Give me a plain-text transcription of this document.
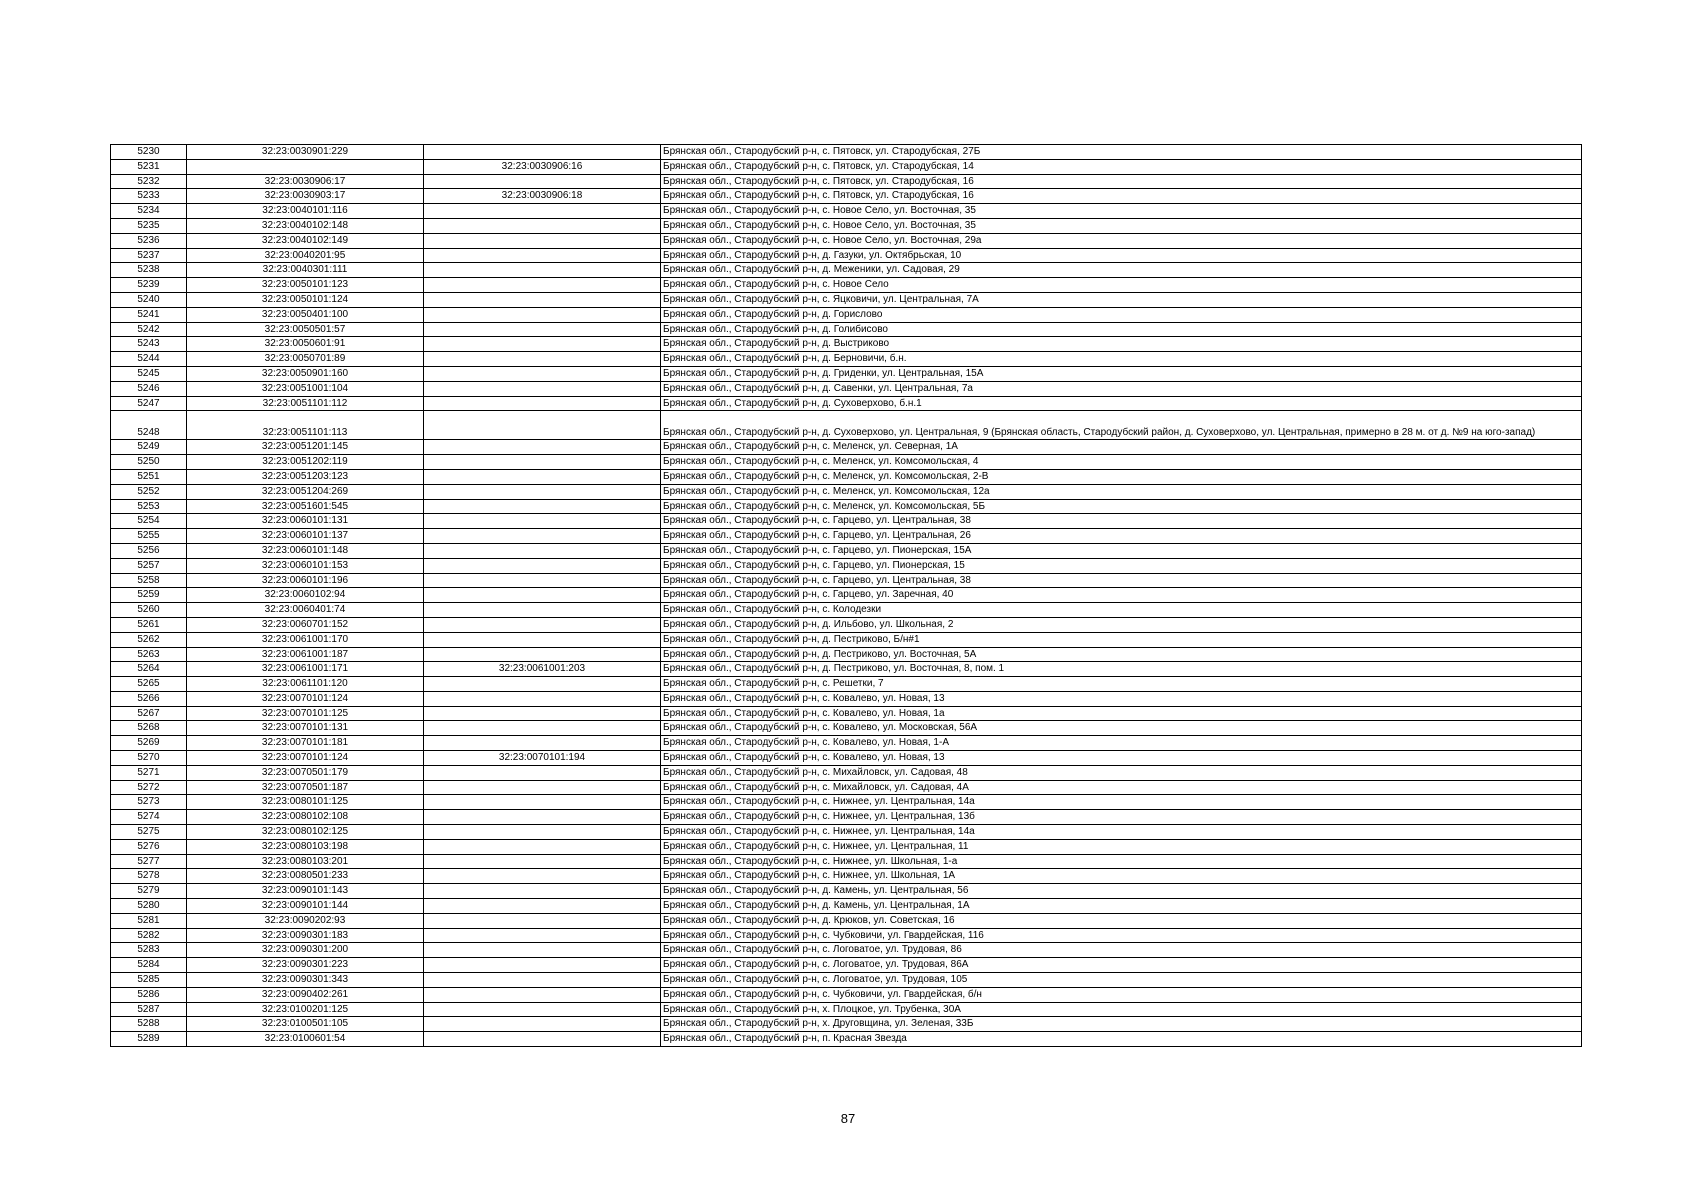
5230	32:23:0030901:229		Брянская обл., Стародубский р-н, с. Пятовск, ул. Стародубская, 27Б
5231		32:23:0030906:16	Брянская обл., Стародубский р-н, с. Пятовск, ул. Стародубская, 14
5232	32:23:0030906:17		Брянская обл., Стародубский р-н, с. Пятовск, ул. Стародубская, 16
5233	32:23:0030903:17	32:23:0030906:18	Брянская обл., Стародубский р-н, с. Пятовск, ул. Стародубская, 16
5234	32:23:0040101:116		Брянская обл., Стародубский р-н, с. Новое Село, ул. Восточная, 35
5235	32:23:0040102:148		Брянская обл., Стародубский р-н, с. Новое Село, ул. Восточная, 35
5236	32:23:0040102:149		Брянская обл., Стародубский р-н, с. Новое Село, ул. Восточная, 29а
5237	32:23:0040201:95		Брянская обл., Стародубский р-н, д. Газуки, ул. Октябрьская, 10
5238	32:23:0040301:111		Брянская обл., Стародубский р-н, д. Меженики, ул. Садовая, 29
5239	32:23:0050101:123		Брянская обл., Стародубский р-н, с. Новое Село
5240	32:23:0050101:124		Брянская обл., Стародубский р-н, с. Яцковичи, ул. Центральная, 7А
5241	32:23:0050401:100		Брянская обл., Стародубский р-н, д. Горислово
5242	32:23:0050501:57		Брянская обл., Стародубский р-н, д. Голибисово
5243	32:23:0050601:91		Брянская обл., Стародубский р-н, д. Выстриково
5244	32:23:0050701:89		Брянская обл., Стародубский р-н, д. Берновичи, б.н.
5245	32:23:0050901:160		Брянская обл., Стародубский р-н, д. Гриденки, ул. Центральная, 15А
5246	32:23:0051001:104		Брянская обл., Стародубский р-н, д. Савенки, ул. Центральная, 7а
5247	32:23:0051101:112		Брянская обл., Стародубский р-н, д. Суховерхово, б.н.1
5248	32:23:0051101:113		Брянская обл., Стародубский р-н, д. Суховерхово, ул. Центральная, 9 (Брянская область, Стародубский район, д. Суховерхово, ул. Центральная, примерно в 28 м. от д. №9 на юго-запад)
5249	32:23:0051201:145		Брянская обл., Стародубский р-н, с. Меленск, ул. Северная, 1А
5250	32:23:0051202:119		Брянская обл., Стародубский р-н, с. Меленск, ул. Комсомольская, 4
5251	32:23:0051203:123		Брянская обл., Стародубский р-н, с. Меленск, ул. Комсомольская, 2-В
5252	32:23:0051204:269		Брянская обл., Стародубский р-н, с. Меленск, ул. Комсомольская, 12а
5253	32:23:0051601:545		Брянская обл., Стародубский р-н, с. Меленск, ул. Комсомольская, 5Б
5254	32:23:0060101:131		Брянская обл., Стародубский р-н, с. Гарцево, ул. Центральная, 38
5255	32:23:0060101:137		Брянская обл., Стародубский р-н, с. Гарцево, ул. Центральная, 26
5256	32:23:0060101:148		Брянская обл., Стародубский р-н, с. Гарцево, ул. Пионерская, 15А
5257	32:23:0060101:153		Брянская обл., Стародубский р-н, с. Гарцево, ул. Пионерская, 15
5258	32:23:0060101:196		Брянская обл., Стародубский р-н, с. Гарцево, ул. Центральная, 38
5259	32:23:0060102:94		Брянская обл., Стародубский р-н, с. Гарцево, ул. Заречная, 40
5260	32:23:0060401:74		Брянская обл., Стародубский р-н, с. Колодезки
5261	32:23:0060701:152		Брянская обл., Стародубский р-н, д. Ильбово, ул. Школьная, 2
5262	32:23:0061001:170		Брянская обл., Стародубский р-н, д. Пестриково, Б/н#1
5263	32:23:0061001:187		Брянская обл., Стародубский р-н, д. Пестриково, ул. Восточная, 5А
5264	32:23:0061001:171	32:23:0061001:203	Брянская обл., Стародубский р-н, д. Пестриково, ул. Восточная, 8, пом. 1
5265	32:23:0061101:120		Брянская обл., Стародубский р-н, с. Решетки, 7
5266	32:23:0070101:124		Брянская обл., Стародубский р-н, с. Ковалево, ул. Новая, 13
5267	32:23:0070101:125		Брянская обл., Стародубский р-н, с. Ковалево, ул. Новая, 1а
5268	32:23:0070101:131		Брянская обл., Стародубский р-н, с. Ковалево, ул. Московская, 56А
5269	32:23:0070101:181		Брянская обл., Стародубский р-н, с. Ковалево, ул. Новая, 1-А
5270	32:23:0070101:124	32:23:0070101:194	Брянская обл., Стародубский р-н, с. Ковалево, ул. Новая, 13
5271	32:23:0070501:179		Брянская обл., Стародубский р-н, с. Михайловск, ул. Садовая, 48
5272	32:23:0070501:187		Брянская обл., Стародубский р-н, с. Михайловск, ул. Садовая, 4А
5273	32:23:0080101:125		Брянская обл., Стародубский р-н, с. Нижнее, ул. Центральная, 14а
5274	32:23:0080102:108		Брянская обл., Стародубский р-н, с. Нижнее, ул. Центральная, 13б
5275	32:23:0080102:125		Брянская обл., Стародубский р-н, с. Нижнее, ул. Центральная, 14а
5276	32:23:0080103:198		Брянская обл., Стародубский р-н, с. Нижнее, ул. Центральная, 11
5277	32:23:0080103:201		Брянская обл., Стародубский р-н, с. Нижнее, ул. Школьная, 1-а
5278	32:23:0080501:233		Брянская обл., Стародубский р-н, с. Нижнее, ул. Школьная, 1А
5279	32:23:0090101:143		Брянская обл., Стародубский р-н, д. Камень, ул. Центральная, 56
5280	32:23:0090101:144		Брянская обл., Стародубский р-н, д. Камень, ул. Центральная, 1А
5281	32:23:0090202:93		Брянская обл., Стародубский р-н, д. Крюков, ул. Советская, 16
5282	32:23:0090301:183		Брянская обл., Стародубский р-н, с. Чубковичи, ул. Гвардейская, 116
5283	32:23:0090301:200		Брянская обл., Стародубский р-н, с. Логоватое, ул. Трудовая, 86
5284	32:23:0090301:223		Брянская обл., Стародубский р-н, с. Логоватое, ул. Трудовая, 86А
5285	32:23:0090301:343		Брянская обл., Стародубский р-н, с. Логоватое, ул. Трудовая, 105
5286	32:23:0090402:261		Брянская обл., Стародубский р-н, с. Чубковичи, ул. Гвардейская, б/н
5287	32:23:0100201:125		Брянская обл., Стародубский р-н, х. Плоцкое, ул. Трубенка, 30А
5288	32:23:0100501:105		Брянская обл., Стародубский р-н, х. Друговщина, ул. Зеленая, 33Б
5289	32:23:0100601:54		Брянская обл., Стародубский р-н, п. Красная Звезда
87
